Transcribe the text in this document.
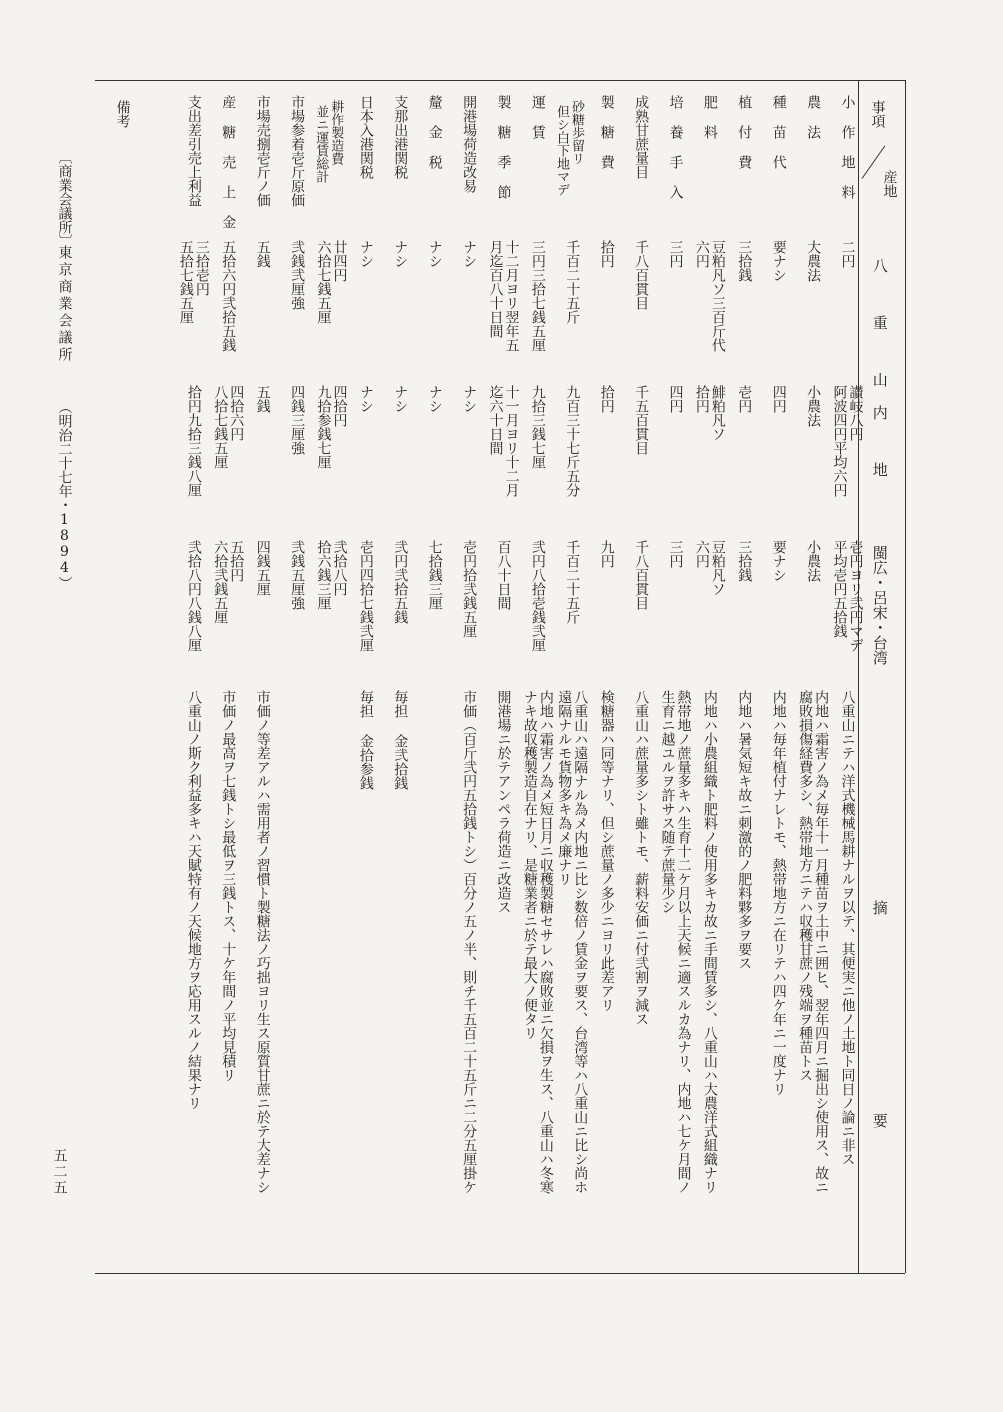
事項
産地
八 重 山
内 地
閩広・呂宋・台湾
摘 要
小 作 地 料
二円
讃岐八円
阿波四円平均六円
壱円ヨリ弐円マデ
平均壱円五拾銭
八重山ニテハ洋式機械馬耕ナルヲ以テ、其便実ニ他ノ土地ト同日ノ論ニ非ス
農 法
大農法
小農法
小農法
内地ハ霜害ノ為メ毎年十一月種苗ヲ土中ニ囲ヒ、翌年四月ニ掘出シ使用ス、故ニ
腐敗損傷経費多シ、熱帯地方ニテハ収穫甘蔗ノ残端ヲ種苗トス
種 苗 代
要ナシ
四円
要ナシ
内地ハ毎年植付ナレトモ、熱帯地方ニ在リテハ四ケ年ニ一度ナリ
植 付 費
三拾銭
壱円
三拾銭
内地ハ暑気短キ故ニ刺激的ノ肥料夥多ヲ要ス
肥 料
豆粕凡ソ三百斤代
六円
鯡粕凡ソ
拾円
豆粕凡ソ
六円
内地ハ小農組織ト肥料ノ使用多キカ故ニ手間賃多シ、八重山ハ大農洋式組織ナリ
培 養 手 入
三円
四円
三円
熱帯地ノ蔗量多キハ生育十二ケ月以上天候ニ適スルカ為ナリ、内地ハ七ケ月間ノ
生育ニ越ユルヲ許サス随テ蔗量少シ
成熟甘蔗量目
千八百貫目
千五百貫目
千八百貫目
八重山ハ蔗量多シト雖トモ、薪料安価ニ付弐割ヲ減ス
製 糖 費
拾円
拾円
九円
検糖器ハ同等ナリ、但シ蔗量ノ多少ニヨリ此差アリ
砂糖歩留リ
但シ白下地マデ
千百二十五斤
九百三十七斤五分
千百二十五斤
八重山ハ遠隔ナル為メ内地ニ比シ数倍ノ賃金ヲ要ス、台湾等ハ八重山ニ比シ尚ホ
遠隔ナルモ貨物多キ為メ廉ナリ
運 賃
三円三拾七銭五厘
九拾三銭七厘
弐円八拾壱銭弐厘
内地ハ霜害ノ為メ短日月ニ収穫製糖セサレハ腐敗並ニ欠損ヲ生ス、八重山ハ冬寒
ナキ故収穫製造自在ナリ、是糖業者ニ於テ最大ノ便タリ
製 糖 季 節
十二月ヨリ翌年五
月迄百八十日間
十一月ヨリ十二月
迄六十日間
百八十日間
開港場ニ於テアンペラ荷造ニ改造ス
開港場荷造改易
ナシ
ナシ
壱円拾弐銭五厘
市価（百斤弐円五拾銭トシ）百分ノ五ノ半、則チ千五百二十五斤ニ二分五厘掛ケ
釐 金 税
ナシ
ナシ
七拾銭三厘
支那出港関税
ナシ
ナシ
弐円弐拾五銭
毎担 金弐拾銭
日本入港関税
ナシ
ナシ
壱円四拾七銭弐厘
毎担 金拾参銭
耕作製造費
並ニ運賃総計
廿四円
六拾七銭五厘
四拾円
九拾参銭七厘
弐拾八円
拾六銭三厘
市場参着壱斤原価
弐銭弐厘強
四銭三厘強
弐銭五厘強
市場売捌壱斤ノ価
五銭
五銭
四銭五厘
市価ノ等差アルハ需用者ノ習慣ト製糖法ノ巧拙ヨリ生ス原質甘蔗ニ於テ大差ナシ
産 糖 売 上 金
五拾六円弐拾五銭
四拾六円
八拾七銭五厘
五拾円
六拾弐銭五厘
市価ノ最高ヲ七銭トシ最低ヲ三銭トス、十ケ年間ノ平均見積リ
支出差引売上利益
三拾壱円
五拾七銭五厘
拾円九拾三銭八厘
弐拾八円八銭八厘
八重山ノ斯ク利益多キハ天賦特有ノ天候地方ヲ応用スルノ結果ナリ
備考
〔商業会議所〕
東京商業会議所
（明治二十七年・1894）
五二五
